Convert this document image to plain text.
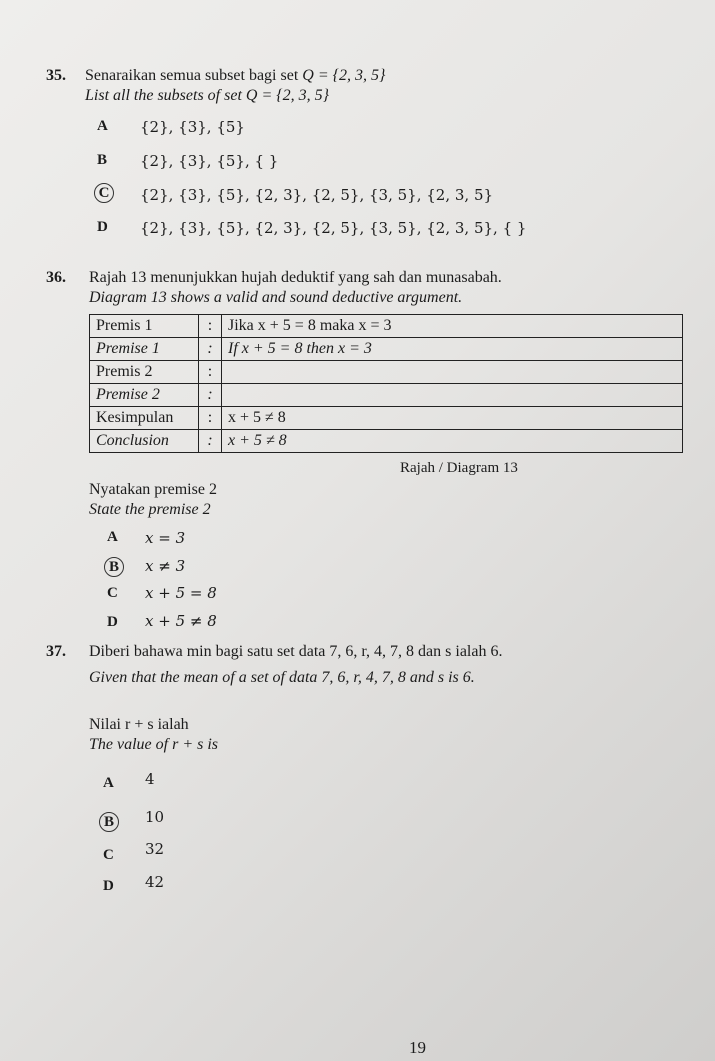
35. Senaraikan semua subset bagi set Q = {2, 3, 5}
List all the subsets of set Q = {2, 3, 5}
A {2}, {3}, {5}
B {2}, {3}, {5}, { }
C	{2}, {3}, {5}, {2, 3}, {2, 5}, {3, 5}, {2, 3, 5}
D {2}, {3}, {5}, {2, 3}, {2, 5}, {3, 5}, {2, 3, 5}, { }
36. Rajah 13 menunjukkan hujah deduktif yang sah dan munasabah.
Diagram 13 shows a valid and sound deductive argument.
Premis 1	:	Jika x + 5 = 8 maka x = 3
Premise 1	:	If x + 5 = 8 then x = 3
Premis 2	:	
Premise 2	:	
Kesimpulan	:	x + 5 ≠ 8
Conclusion	:	x + 5 ≠ 8
Rajah / Diagram 13
Nyatakan premise 2
State the premise 2
A x = 3
B	x ≠ 3
C x + 5 = 8
D x + 5 ≠ 8
37. Diberi bahawa min bagi satu set data 7, 6, r, 4, 7, 8 dan s ialah 6.
Given that the mean of a set of data 7, 6, r, 4, 7, 8 and s is 6.
Nilai r + s ialah
The value of r + s is
A 4
B	10
C 32
D 42
19
